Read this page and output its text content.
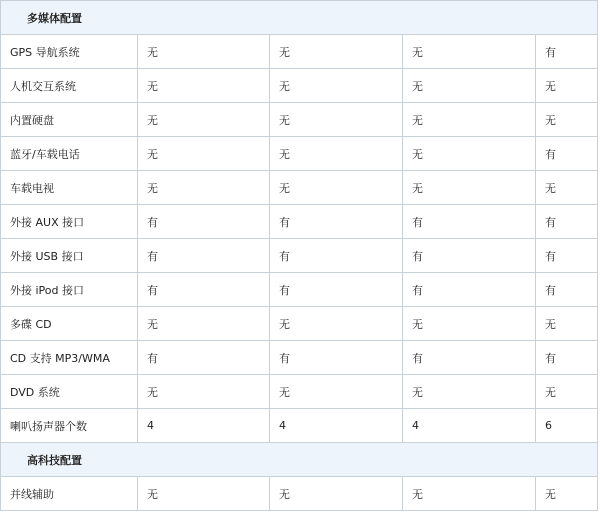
多媒体配置				
GPS 导航系统	无	无	无	有
人机交互系统	无	无	无	无
内置硬盘	无	无	无	无
蓝牙/车载电话	无	无	无	有
车载电视	无	无	无	无
外接 AUX 接口	有	有	有	有
外接 USB 接口	有	有	有	有
外接 iPod 接口	有	有	有	有
多碟 CD	无	无	无	无
CD 支持 MP3/WMA	有	有	有	有
DVD 系统	无	无	无	无
喇叭扬声器个数	4	4	4	6
高科技配置				
并线辅助	无	无	无	无
